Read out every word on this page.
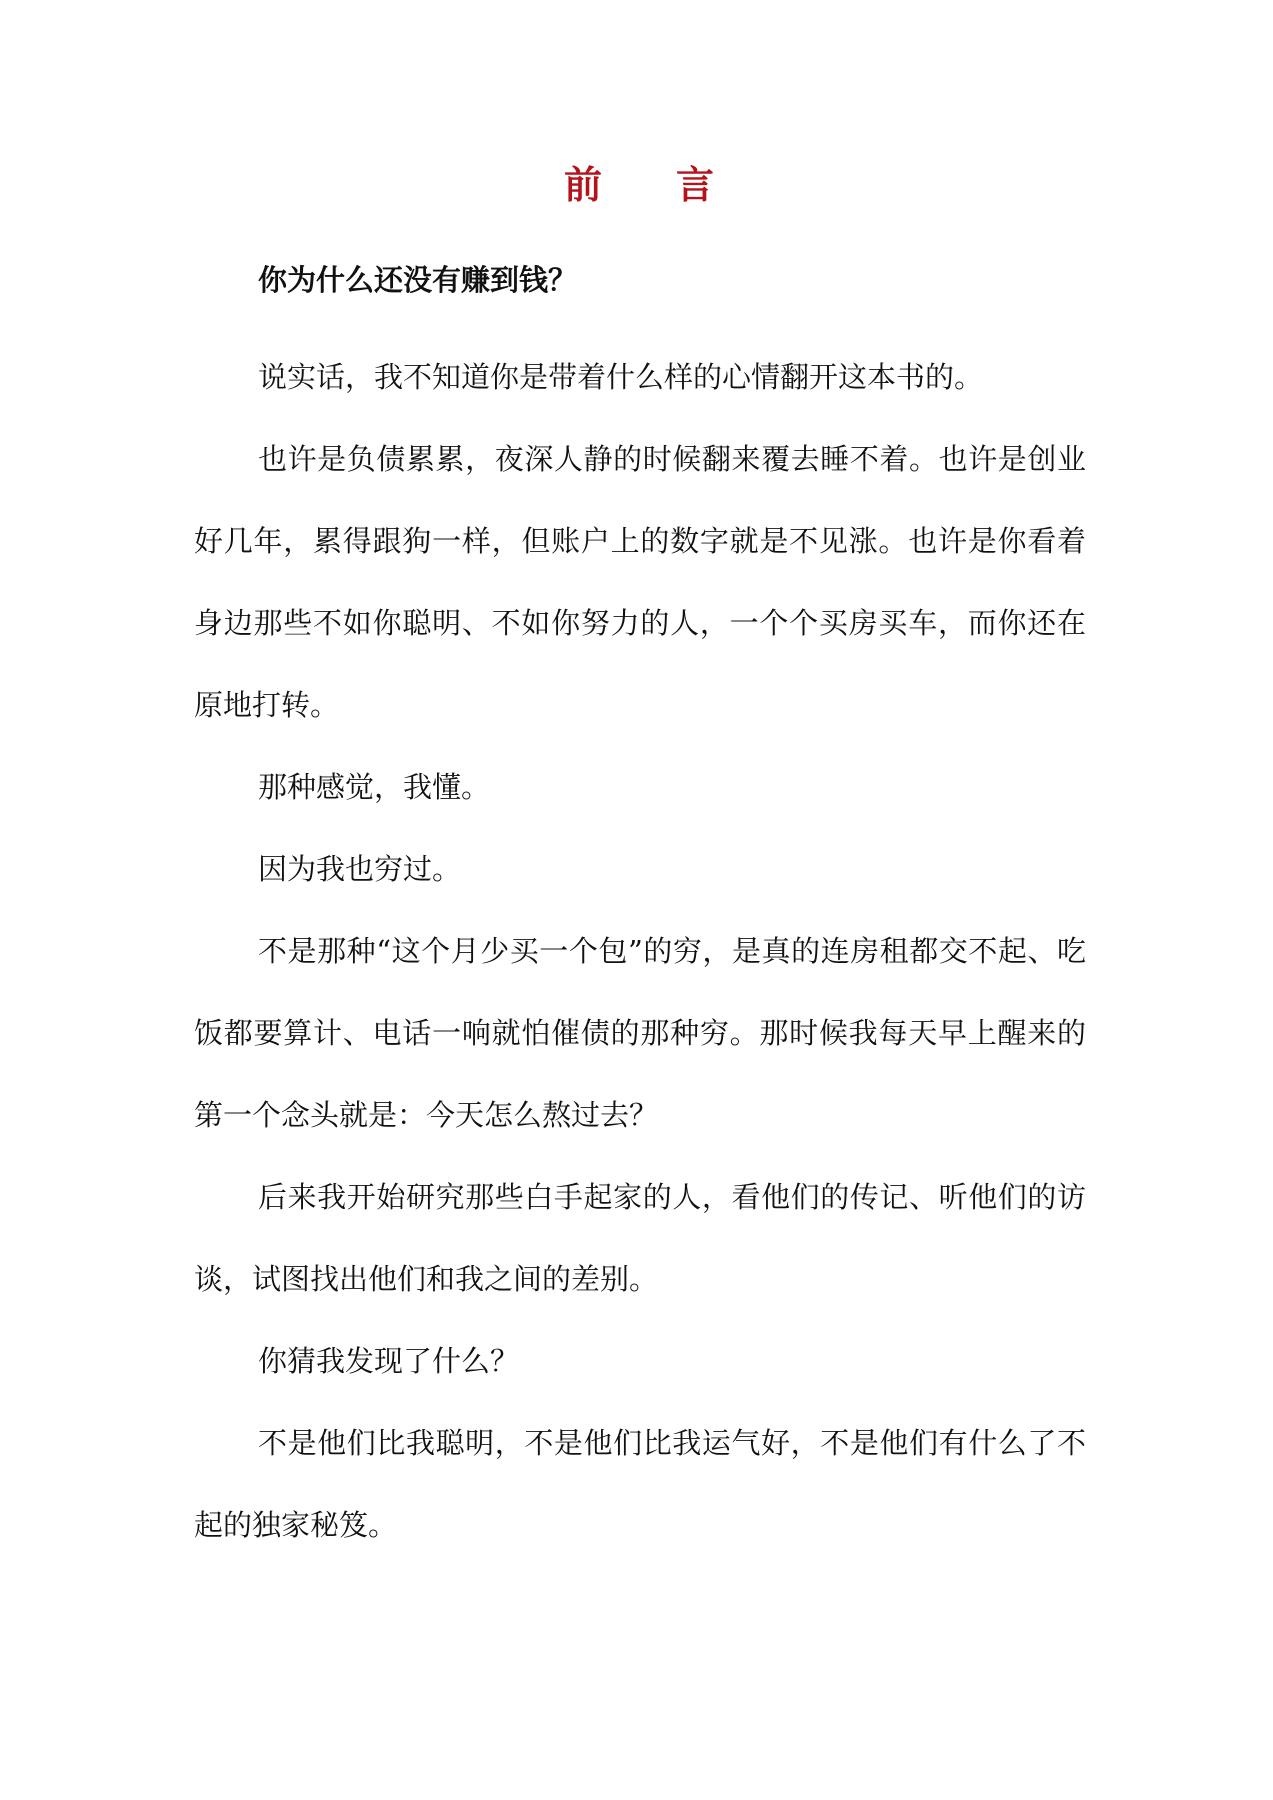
前 言
你为什么还没有赚到钱？

说实话，我不知道你是带着什么样的心情翻开这本书的。

也许是负债累累，夜深人静的时候翻来覆去睡不着。也许是创业好几年，累得跟狗一样，但账户上的数字就是不见涨。也许是你看着身边那些不如你聪明、不如你努力的人，一个个买房买车，而你还在原地打转。

那种感觉，我懂。

因为我也穷过。

不是那种“这个月少买一个包”的穷，是真的连房租都交不起、吃饭都要算计、电话一响就怕催债的那种穷。那时候我每天早上醒来的第一个念头就是：今天怎么熬过去？

后来我开始研究那些白手起家的人，看他们的传记、听他们的访谈，试图找出他们和我之间的差别。

你猜我发现了什么？

不是他们比我聪明，不是他们比我运气好，不是他们有什么了不起的独家秘笈。
